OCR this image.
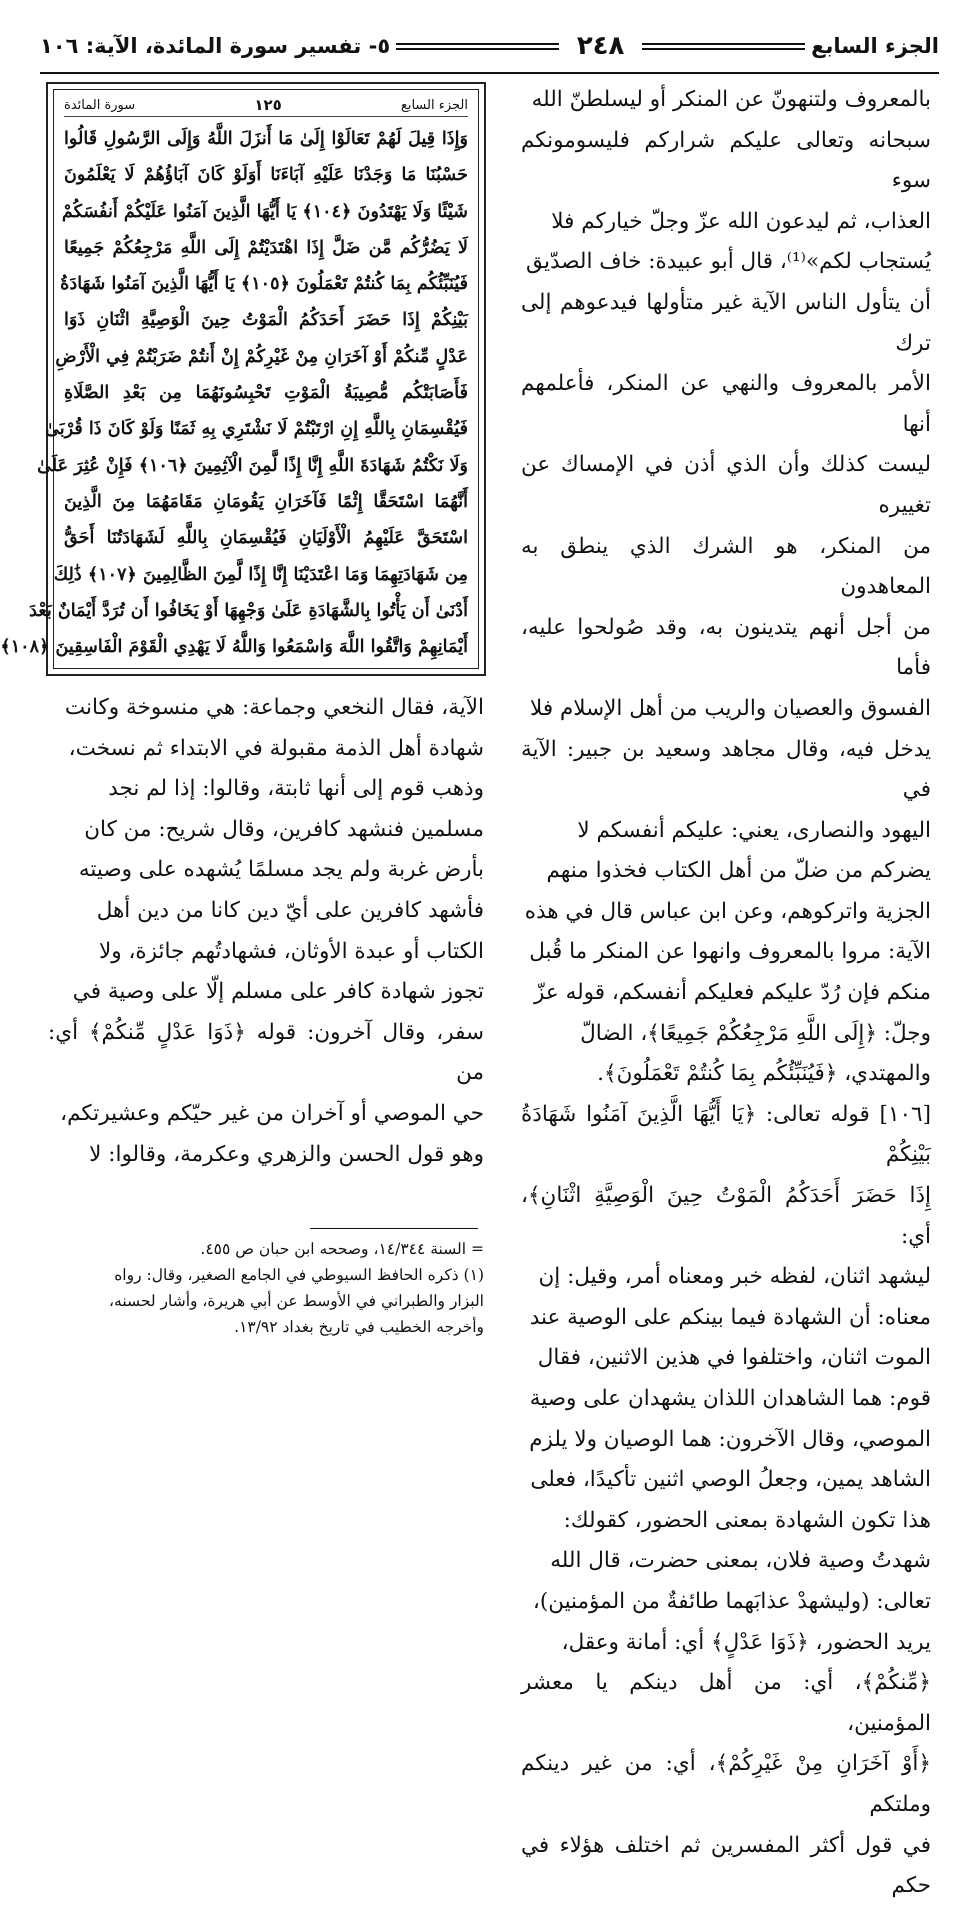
الجزء السابع
٢٤٨
٥- تفسير سورة المائدة، الآية: ١٠٦

بالمعروف ولتنهونّ عن المنكر أو ليسلطنّ الله

سبحانه وتعالى عليكم شراركم فليسومونكم سوء

العذاب، ثم ليدعون الله عزّ وجلّ خياركم فلا

يُستجاب لكم»⁽¹⁾، قال أبو عبيدة: خاف الصدّيق

أن يتأول الناس الآية غير متأولها فيدعوهم إلى ترك

الأمر بالمعروف والنهي عن المنكر، فأعلمهم أنها

ليست كذلك وأن الذي أذن في الإمساك عن تغييره

من المنكر، هو الشرك الذي ينطق به المعاهدون

من أجل أنهم يتدينون به، وقد صُولحوا عليه، فأما

الفسوق والعصيان والريب من أهل الإسلام فلا

يدخل فيه، وقال مجاهد وسعيد بن جبير: الآية في

اليهود والنصارى، يعني: عليكم أنفسكم لا

يضركم من ضلّ من أهل الكتاب فخذوا منهم

الجزية واتركوهم، وعن ابن عباس قال في هذه

الآية: مروا بالمعروف وانهوا عن المنكر ما قُبل

منكم فإن رُدّ عليكم فعليكم أنفسكم، قوله عزّ

وجلّ: ﴿إِلَى اللَّهِ مَرْجِعُكُمْ جَمِيعًا﴾، الضالّ

والمهتدي، ﴿فَيُنَبِّئُكُم بِمَا كُنتُمْ تَعْمَلُونَ﴾.

[١٠٦] قوله تعالى: ﴿يَا أَيُّهَا الَّذِينَ آمَنُوا شَهَادَةُ بَيْنِكُمْ

إِذَا حَضَرَ أَحَدَكُمُ الْمَوْتُ حِينَ الْوَصِيَّةِ اثْنَانِ﴾، أي:

ليشهد اثنان، لفظه خبر ومعناه أمر، وقيل: إن

معناه: أن الشهادة فيما بينكم على الوصية عند

الموت اثنان، واختلفوا في هذين الاثنين، فقال

قوم: هما الشاهدان اللذان يشهدان على وصية

الموصي، وقال الآخرون: هما الوصيان ولا يلزم

الشاهد يمين، وجعلُ الوصي اثنين تأكيدًا، فعلى

هذا تكون الشهادة بمعنى الحضور، كقولك:

شهدتُ وصية فلان، بمعنى حضرت، قال الله

تعالى: (وليشهدْ عذابَهما طائفةٌ من المؤمنين)،

يريد الحضور، ﴿ذَوَا عَدْلٍ﴾ أي: أمانة وعقل،

﴿مِّنكُمْ﴾، أي: من أهل دينكم يا معشر المؤمنين،

﴿أَوْ آخَرَانِ مِنْ غَيْرِكُمْ﴾، أي: من غير دينكم وملتكم

في قول أكثر المفسرين ثم اختلف هؤلاء في حكم

الجزء السابع
١٢٥
سورة المائدة
وَإِذَا قِيلَ لَهُمْ تَعَالَوْا إِلَىٰ مَا أَنزَلَ اللَّهُ وَإِلَى الرَّسُولِ قَالُوا
حَسْبُنَا مَا وَجَدْنَا عَلَيْهِ آبَاءَنَا أَوَلَوْ كَانَ آبَاؤُهُمْ لَا يَعْلَمُونَ
شَيْئًا وَلَا يَهْتَدُونَ ﴿١٠٤﴾ يَا أَيُّهَا الَّذِينَ آمَنُوا عَلَيْكُمْ أَنفُسَكُمْ
لَا يَضُرُّكُم مَّن ضَلَّ إِذَا اهْتَدَيْتُمْ إِلَى اللَّهِ مَرْجِعُكُمْ جَمِيعًا
فَيُنَبِّئُكُم بِمَا كُنتُمْ تَعْمَلُونَ ﴿١٠٥﴾ يَا أَيُّهَا الَّذِينَ آمَنُوا شَهَادَةُ
بَيْنِكُمْ إِذَا حَضَرَ أَحَدَكُمُ الْمَوْتُ حِينَ الْوَصِيَّةِ اثْنَانِ ذَوَا
عَدْلٍ مِّنكُمْ أَوْ آخَرَانِ مِنْ غَيْرِكُمْ إِنْ أَنتُمْ ضَرَبْتُمْ فِي الْأَرْضِ
فَأَصَابَتْكُم مُّصِيبَةُ الْمَوْتِ تَحْبِسُونَهُمَا مِن بَعْدِ الصَّلَاةِ
فَيُقْسِمَانِ بِاللَّهِ إِنِ ارْتَبْتُمْ لَا نَشْتَرِي بِهِ ثَمَنًا وَلَوْ كَانَ ذَا قُرْبَىٰ
وَلَا نَكْتُمُ شَهَادَةَ اللَّهِ إِنَّا إِذًا لَّمِنَ الْآثِمِينَ ﴿١٠٦﴾ فَإِنْ عُثِرَ عَلَىٰ
أَنَّهُمَا اسْتَحَقَّا إِثْمًا فَآخَرَانِ يَقُومَانِ مَقَامَهُمَا مِنَ الَّذِينَ
اسْتَحَقَّ عَلَيْهِمُ الْأَوْلَيَانِ فَيُقْسِمَانِ بِاللَّهِ لَشَهَادَتُنَا أَحَقُّ
مِن شَهَادَتِهِمَا وَمَا اعْتَدَيْنَا إِنَّا إِذًا لَّمِنَ الظَّالِمِينَ ﴿١٠٧﴾ ذَٰلِكَ
أَدْنَىٰ أَن يَأْتُوا بِالشَّهَادَةِ عَلَىٰ وَجْهِهَا أَوْ يَخَافُوا أَن تُرَدَّ أَيْمَانٌ بَعْدَ
أَيْمَانِهِمْ وَاتَّقُوا اللَّهَ وَاسْمَعُوا وَاللَّهُ لَا يَهْدِي الْقَوْمَ الْفَاسِقِينَ ﴿١٠٨﴾

الآية، فقال النخعي وجماعة: هي منسوخة وكانت

شهادة أهل الذمة مقبولة في الابتداء ثم نسخت،

وذهب قوم إلى أنها ثابتة، وقالوا: إذا لم نجد

مسلمين فنشهد كافرين، وقال شريح: من كان

بأرض غربة ولم يجد مسلمًا يُشهده على وصيته

فأشهد كافرين على أيّ دين كانا من دين أهل

الكتاب أو عبدة الأوثان، فشهادتُهم جائزة، ولا

تجوز شهادة كافر على مسلم إلّا على وصية في

سفر، وقال آخرون: قوله ﴿ذَوَا عَدْلٍ مِّنكُمْ﴾ أي: من

حي الموصي أو آخران من غير حيّكم وعشيرتكم،

وهو قول الحسن والزهري وعكرمة، وقالوا: لا

= السنة ١٤/٣٤٤، وصححه ابن حبان ص ٤٥٥.

(١) ذكره الحافظ السيوطي في الجامع الصغير، وقال: رواه

البزار والطبراني في الأوسط عن أبي هريرة، وأشار لحسنه،

وأخرجه الخطيب في تاريخ بغداد ١٣/٩٢.
